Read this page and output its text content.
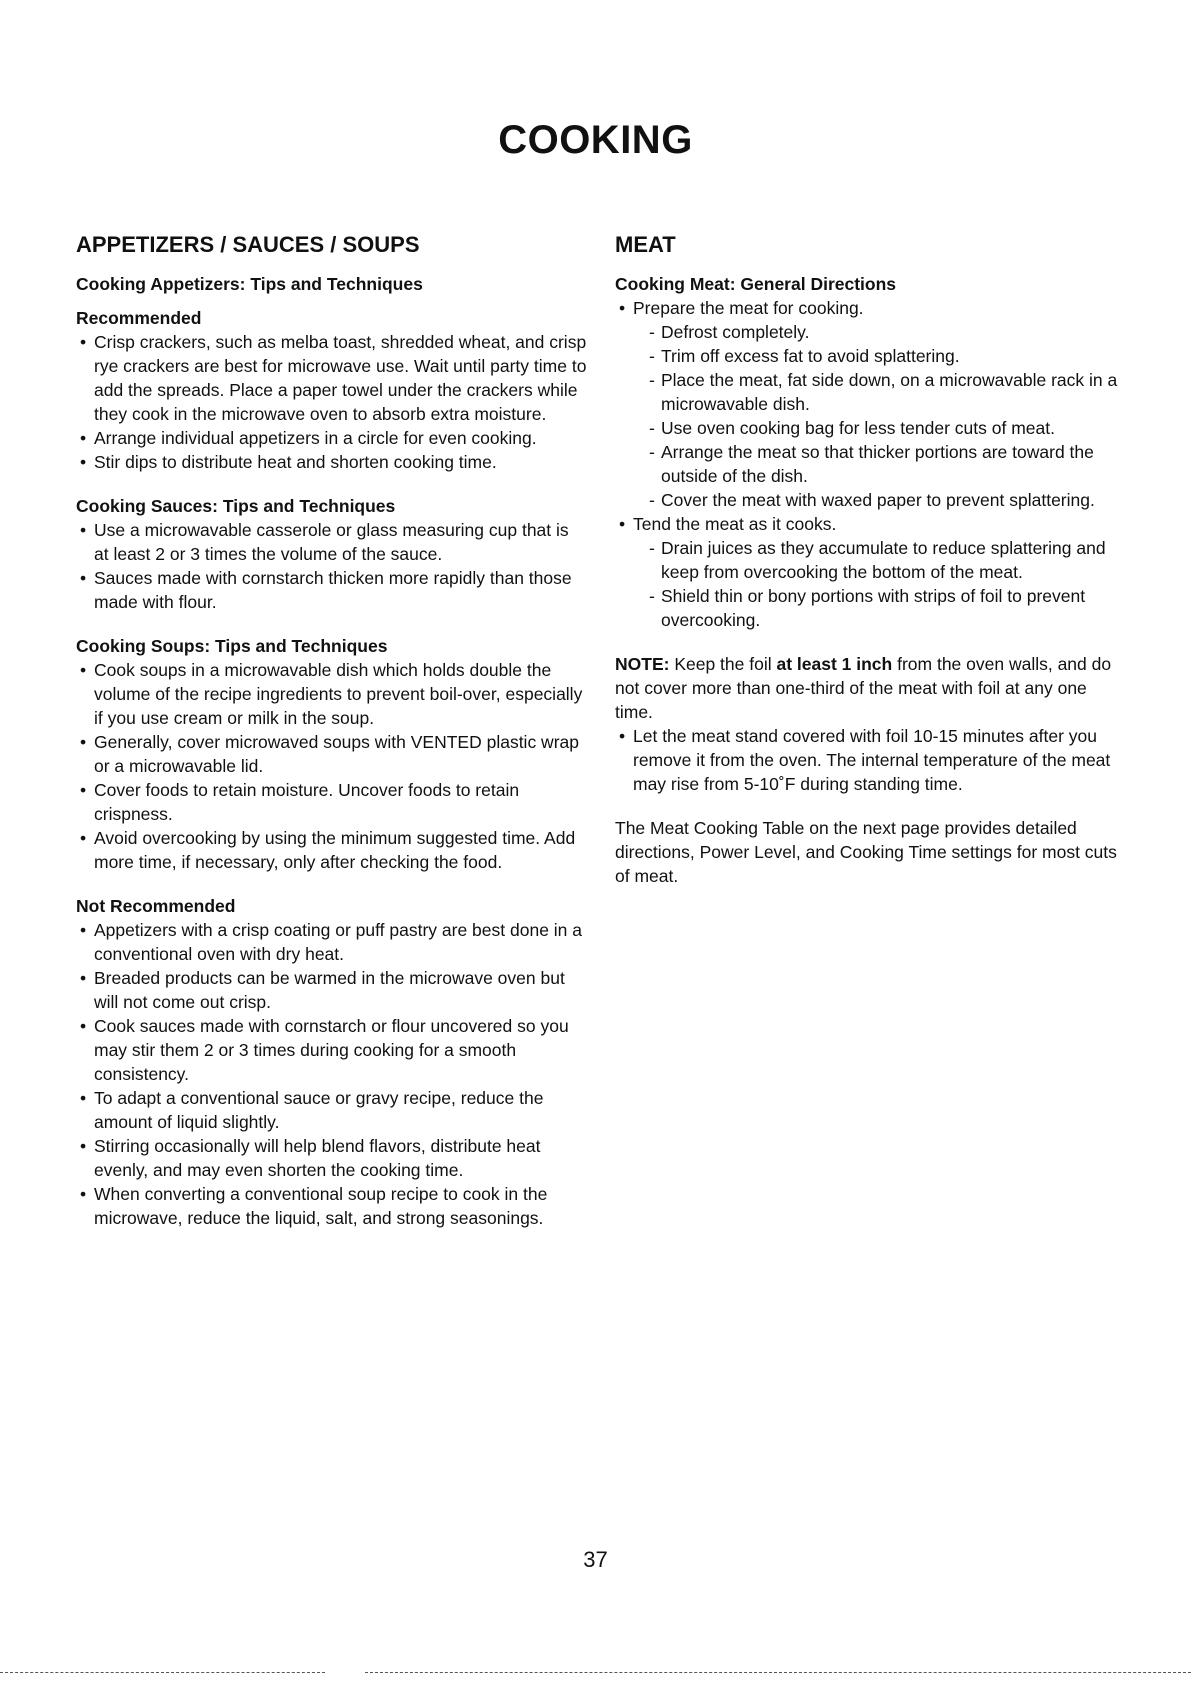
COOKING
APPETIZERS / SAUCES / SOUPS

Cooking Appetizers: Tips and Techniques

Recommended

• Crisp crackers, such as melba toast, shredded wheat, and crisp rye crackers are best for microwave use. Wait until party time to add the spreads. Place a paper towel under the crackers while they cook in the microwave oven to absorb extra moisture.
• Arrange individual appetizers in a circle for even cooking.
• Stir dips to distribute heat and shorten cooking time.

Cooking Sauces: Tips and Techniques

• Use a microwavable casserole or glass measuring cup that is at least 2 or 3 times the volume of the sauce.
• Sauces made with cornstarch thicken more rapidly than those made with flour.

Cooking Soups: Tips and Techniques

• Cook soups in a microwavable dish which holds double the volume of the recipe ingredients to prevent boil-over, especially if you use cream or milk in the soup.
• Generally, cover microwaved soups with VENTED plastic wrap or a microwavable lid.
• Cover foods to retain moisture. Uncover foods to retain crispness.
• Avoid overcooking by using the minimum suggested time. Add more time, if necessary, only after checking the food.

Not Recommended

• Appetizers with a crisp coating or puff pastry are best done in a conventional oven with dry heat.
• Breaded products can be warmed in the microwave oven but will not come out crisp.
• Cook sauces made with cornstarch or flour uncovered so you may stir them 2 or 3 times during cooking for a smooth consistency.
• To adapt a conventional sauce or gravy recipe, reduce the amount of liquid slightly.
• Stirring occasionally will help blend flavors, distribute heat evenly, and may even shorten the cooking time.
• When converting a conventional soup recipe to cook in the microwave, reduce the liquid, salt, and strong seasonings.
MEAT

Cooking Meat: General Directions

• Prepare the meat for cooking.
- Defrost completely.
- Trim off excess fat to avoid splattering.
- Place the meat, fat side down, on a microwavable rack in a microwavable dish.
- Use oven cooking bag for less tender cuts of meat.
- Arrange the meat so that thicker portions are toward the outside of the dish.
- Cover the meat with waxed paper to prevent splattering.
• Tend the meat as it cooks.
- Drain juices as they accumulate to reduce splattering and keep from overcooking the bottom of the meat.
- Shield thin or bony portions with strips of foil to prevent overcooking.

NOTE: Keep the foil at least 1 inch from the oven walls, and do not cover more than one-third of the meat with foil at any one time.

• Let the meat stand covered with foil 10-15 minutes after you remove it from the oven. The internal temperature of the meat may rise from 5-10˚F during standing time.

The Meat Cooking Table on the next page provides detailed directions, Power Level, and Cooking Time settings for most cuts of meat.

37
